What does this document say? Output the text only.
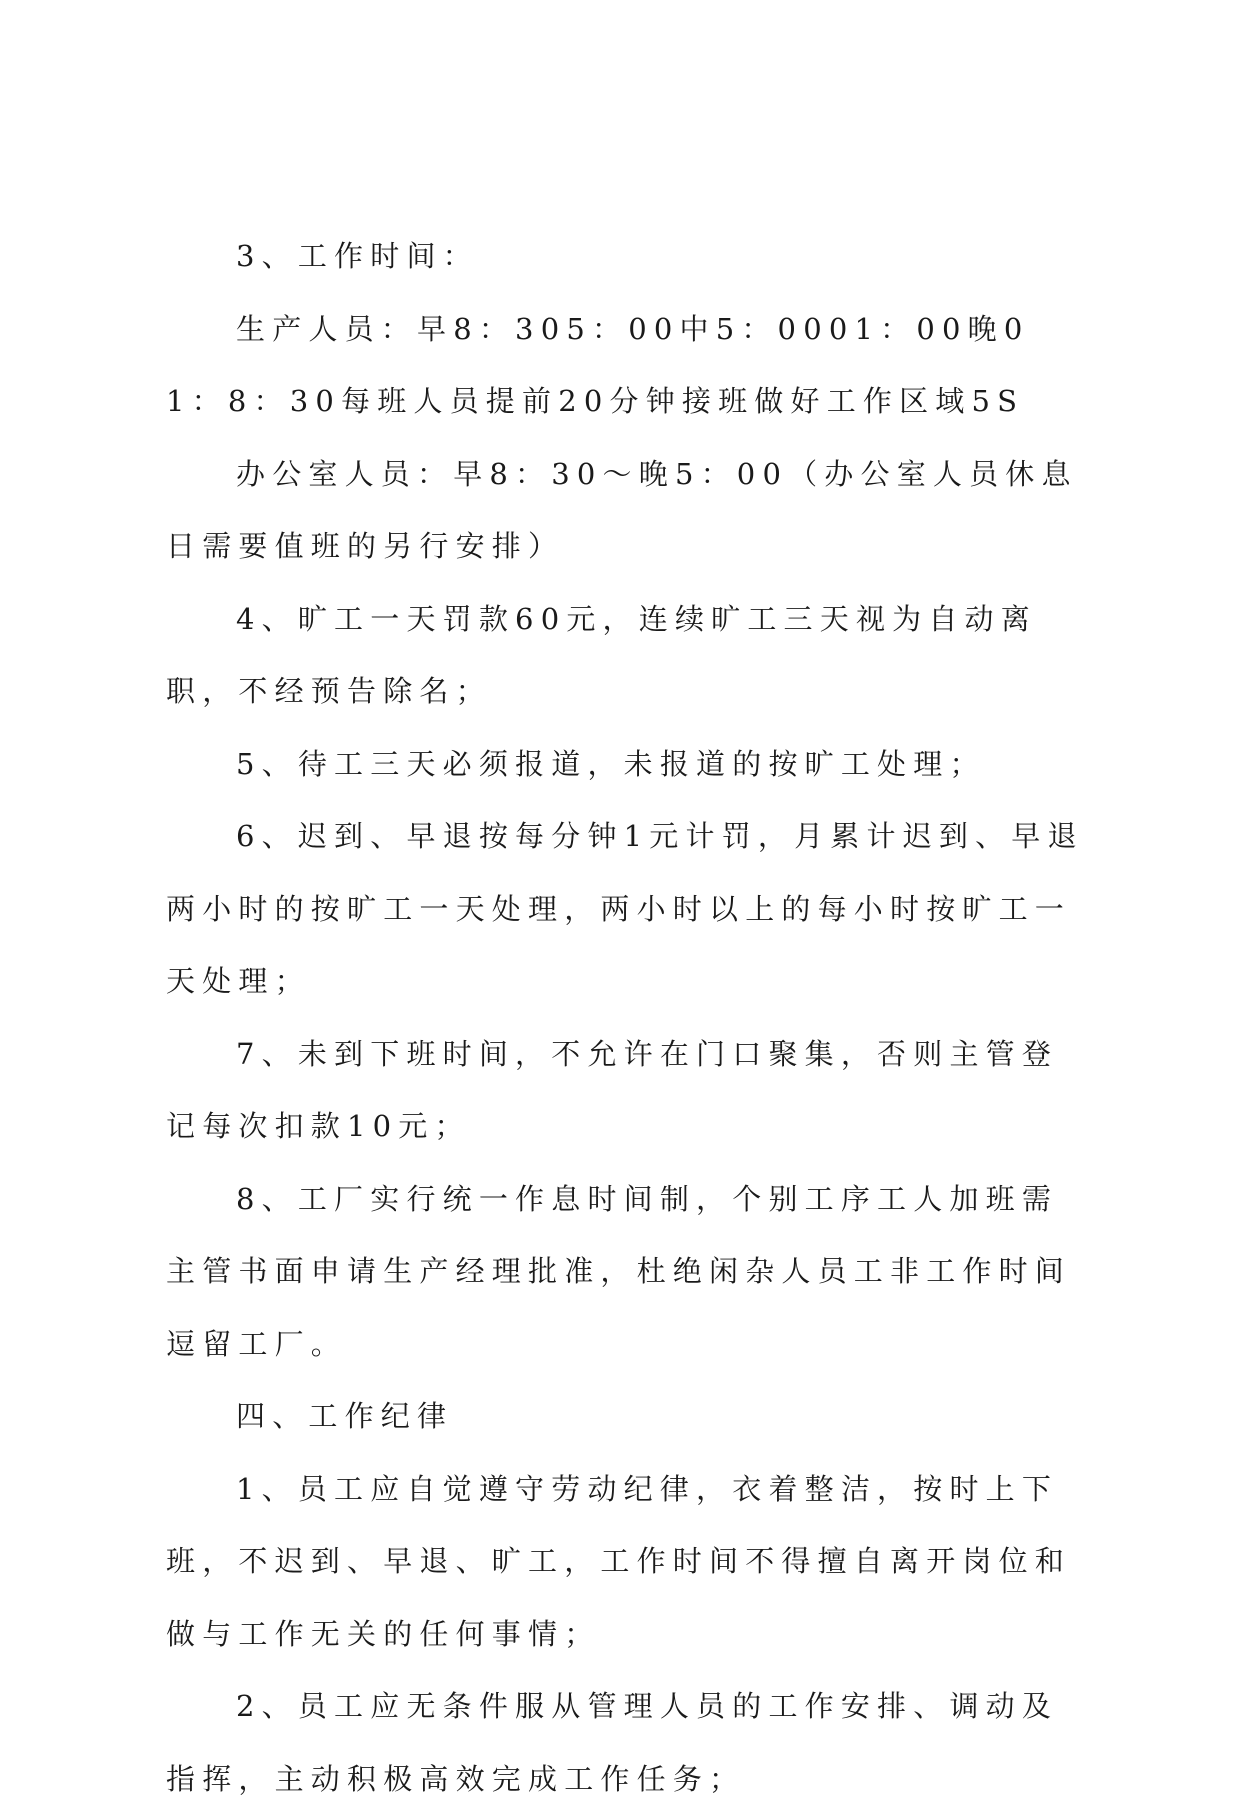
3、工作时间：

生产人员：早8：305：00中5：0001：00晚01：8：30每班人员提前20分钟接班做好工作区域5S

办公室人员：早8：30～晚5：00（办公室人员休息日需要值班的另行安排）

4、旷工一天罚款60元，连续旷工三天视为自动离职，不经预告除名；

5、待工三天必须报道，未报道的按旷工处理；

6、迟到、早退按每分钟1元计罚，月累计迟到、早退两小时的按旷工一天处理，两小时以上的每小时按旷工一天处理；

7、未到下班时间，不允许在门口聚集，否则主管登记每次扣款10元；

8、工厂实行统一作息时间制，个别工序工人加班需主管书面申请生产经理批准，杜绝闲杂人员工非工作时间逗留工厂。

四、工作纪律

1、员工应自觉遵守劳动纪律，衣着整洁，按时上下班，不迟到、早退、旷工，工作时间不得擅自离开岗位和做与工作无关的任何事情；

2、员工应无条件服从管理人员的工作安排、调动及指挥，主动积极高效完成工作任务；
